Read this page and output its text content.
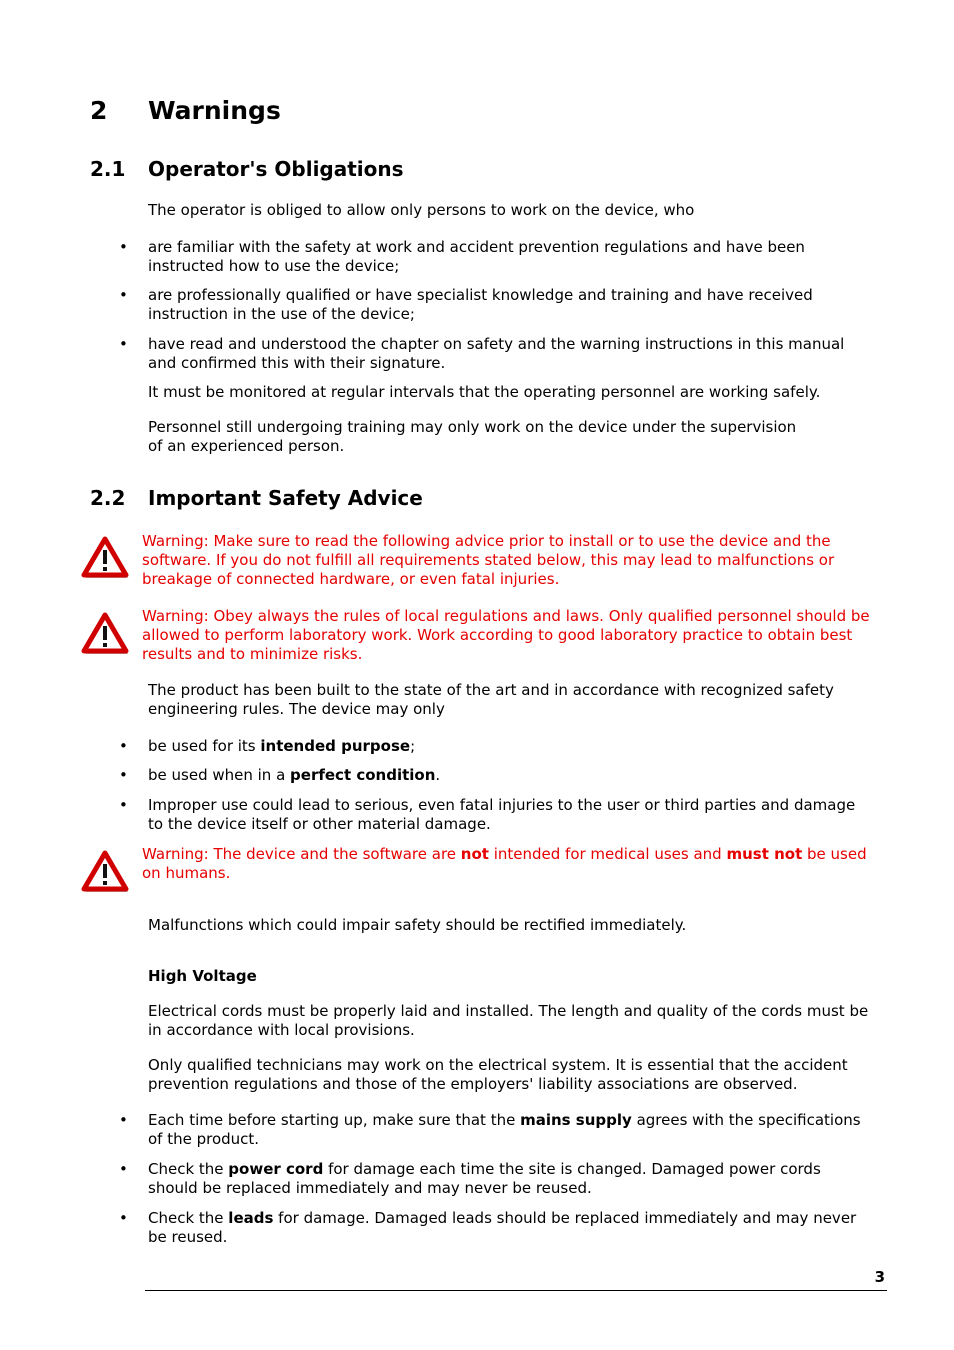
2 Warnings
2.1 Operator's Obligations

The operator is obliged to allow only persons to work on the device, who

• are familiar with the safety at work and accident prevention regulations and have been instructed how to use the device;
• are professionally qualified or have specialist knowledge and training and have received instruction in the use of the device;
• have read and understood the chapter on safety and the warning instructions in this manual and confirmed this with their signature.

It must be monitored at regular intervals that the operating personnel are working safely.

Personnel still undergoing training may only work on the device under the supervision
of an experienced person.
2.2 Important Safety Advice
Warning: Make sure to read the following advice prior to install or to use the device and the software. If you do not fulfill all requirements stated below, this may lead to malfunctions or breakage of connected hardware, or even fatal injuries.
Warning: Obey always the rules of local regulations and laws. Only qualified personnel should be allowed to perform laboratory work. Work according to good laboratory practice to obtain best results and to minimize risks.

The product has been built to the state of the art and in accordance with recognized safety engineering rules. The device may only

• be used for its intended purpose;
• be used when in a perfect condition.
• Improper use could lead to serious, even fatal injuries to the user or third parties and damage to the device itself or other material damage.
Warning: The device and the software are not intended for medical uses and must not be used on humans.

Malfunctions which could impair safety should be rectified immediately.

High Voltage

Electrical cords must be properly laid and installed. The length and quality of the cords must be in accordance with local provisions.

Only qualified technicians may work on the electrical system. It is essential that the accident prevention regulations and those of the employers' liability associations are observed.

• Each time before starting up, make sure that the mains supply agrees with the specifications of the product.
• Check the power cord for damage each time the site is changed. Damaged power cords should be replaced immediately and may never be reused.
• Check the leads for damage. Damaged leads should be replaced immediately and may never be reused.
3
